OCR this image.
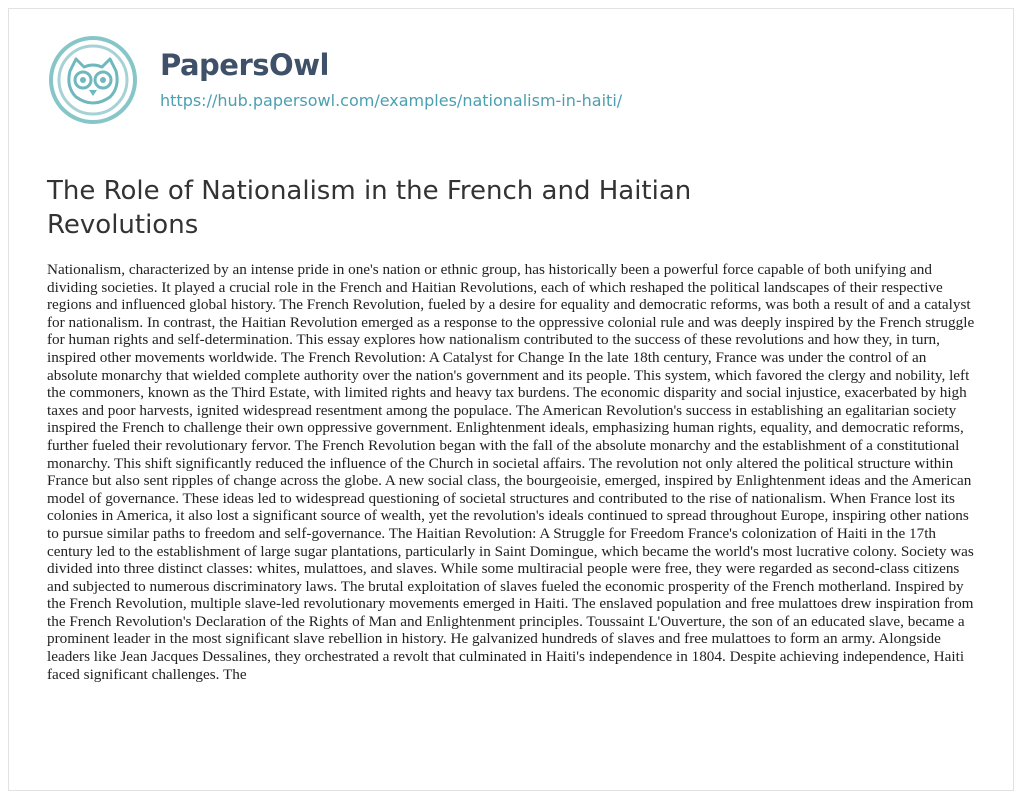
PapersOwl
https://hub.papersowl.com/examples/nationalism-in-haiti/
The Role of Nationalism in the French and Haitian Revolutions

Nationalism, characterized by an intense pride in one's nation or ethnic group, has historically been a powerful force capable of both unifying and dividing societies. It played a crucial role in the French and Haitian Revolutions, each of which reshaped the political landscapes of their respective regions and influenced global history. The French Revolution, fueled by a desire for equality and democratic reforms, was both a result of and a catalyst for nationalism. In contrast, the Haitian Revolution emerged as a response to the oppressive colonial rule and was deeply inspired by the French struggle for human rights and self-determination. This essay explores how nationalism contributed to the success of these revolutions and how they, in turn, inspired other movements worldwide. The French Revolution: A Catalyst for Change In the late 18th century, France was under the control of an absolute monarchy that wielded complete authority over the nation's government and its people. This system, which favored the clergy and nobility, left the commoners, known as the Third Estate, with limited rights and heavy tax burdens. The economic disparity and social injustice, exacerbated by high taxes and poor harvests, ignited widespread resentment among the populace. The American Revolution's success in establishing an egalitarian society inspired the French to challenge their own oppressive government. Enlightenment ideals, emphasizing human rights, equality, and democratic reforms, further fueled their revolutionary fervor. The French Revolution began with the fall of the absolute monarchy and the establishment of a constitutional monarchy. This shift significantly reduced the influence of the Church in societal affairs. The revolution not only altered the political structure within France but also sent ripples of change across the globe. A new social class, the bourgeoisie, emerged, inspired by Enlightenment ideas and the American model of governance. These ideas led to widespread questioning of societal structures and contributed to the rise of nationalism. When France lost its colonies in America, it also lost a significant source of wealth, yet the revolution's ideals continued to spread throughout Europe, inspiring other nations to pursue similar paths to freedom and self-governance. The Haitian Revolution: A Struggle for Freedom France's colonization of Haiti in the 17th century led to the establishment of large sugar plantations, particularly in Saint Domingue, which became the world's most lucrative colony. Society was divided into three distinct classes: whites, mulattoes, and slaves. While some multiracial people were free, they were regarded as second-class citizens and subjected to numerous discriminatory laws. The brutal exploitation of slaves fueled the economic prosperity of the French motherland. Inspired by the French Revolution, multiple slave-led revolutionary movements emerged in Haiti. The enslaved population and free mulattoes drew inspiration from the French Revolution's Declaration of the Rights of Man and Enlightenment principles. Toussaint L'Ouverture, the son of an educated slave, became a prominent leader in the most significant slave rebellion in history. He galvanized hundreds of slaves and free mulattoes to form an army. Alongside leaders like Jean Jacques Dessalines, they orchestrated a revolt that culminated in Haiti's independence in 1804. Despite achieving independence, Haiti faced significant challenges. The
